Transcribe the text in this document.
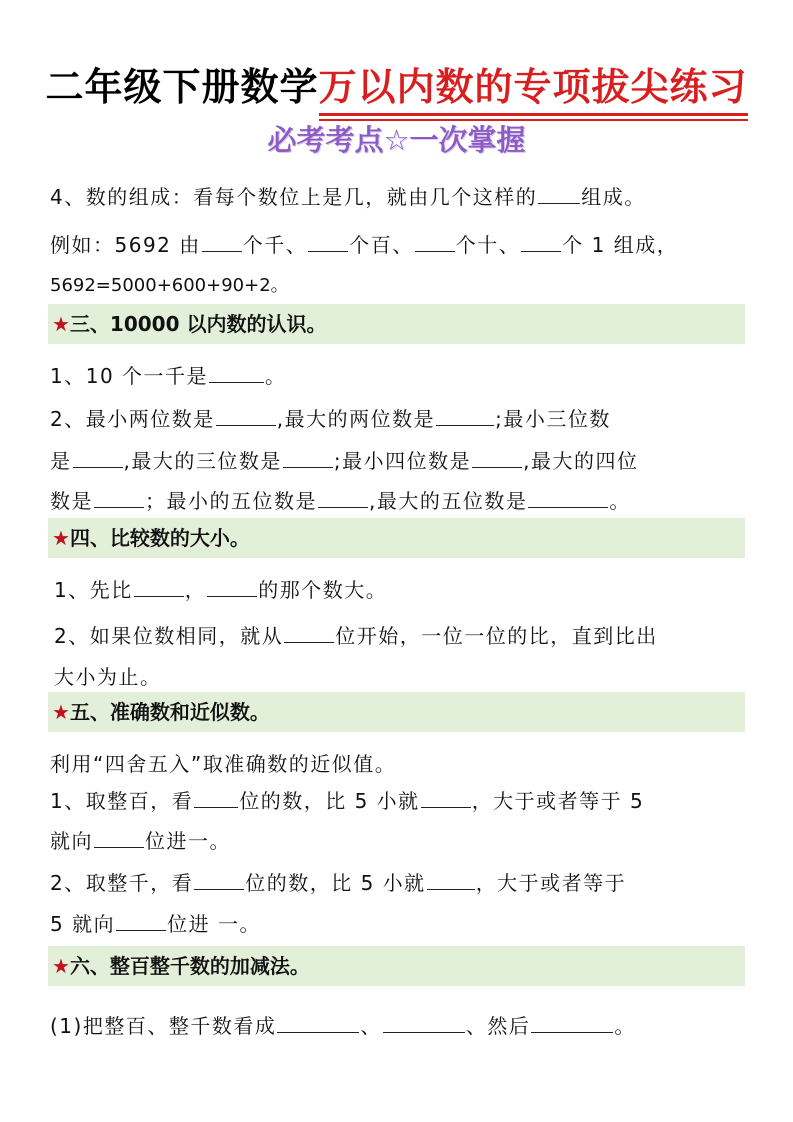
二年级下册数学万以内数的专项拔尖练习
必考考点☆一次掌握
4、数的组成：看每个数位上是几，就由几个这样的 组成。
例如：5692 由 个千、 个百、 个十、 个 1 组成，
5692=5000+600+90+2。
★三、10000 以内数的认识。
1、10 个一千是	。
2、最小两位数是	,最大的两位数是	;最小三位数
是	,最大的三位数是	;最小四位数是	,最大的四位
数是	；最小的五位数是	,最大的五位数是	。
★四、比较数的大小。
1、先比	，	的那个数大。
2、如果位数相同，就从	位开始，一位一位的比，直到比出
大小为止。
★五、准确数和近似数。
利用“四舍五入”取准确数的近似值。
1、取整百，看 位的数，比 5 小就	，大于或者等于 5
就向	位进一。
2、取整千，看	位的数，比 5 小就	，大于或者等于
5 就向	位进 一。
★六、整百整千数的加减法。
(1)把整百、整千数看成	、	、然后	。
